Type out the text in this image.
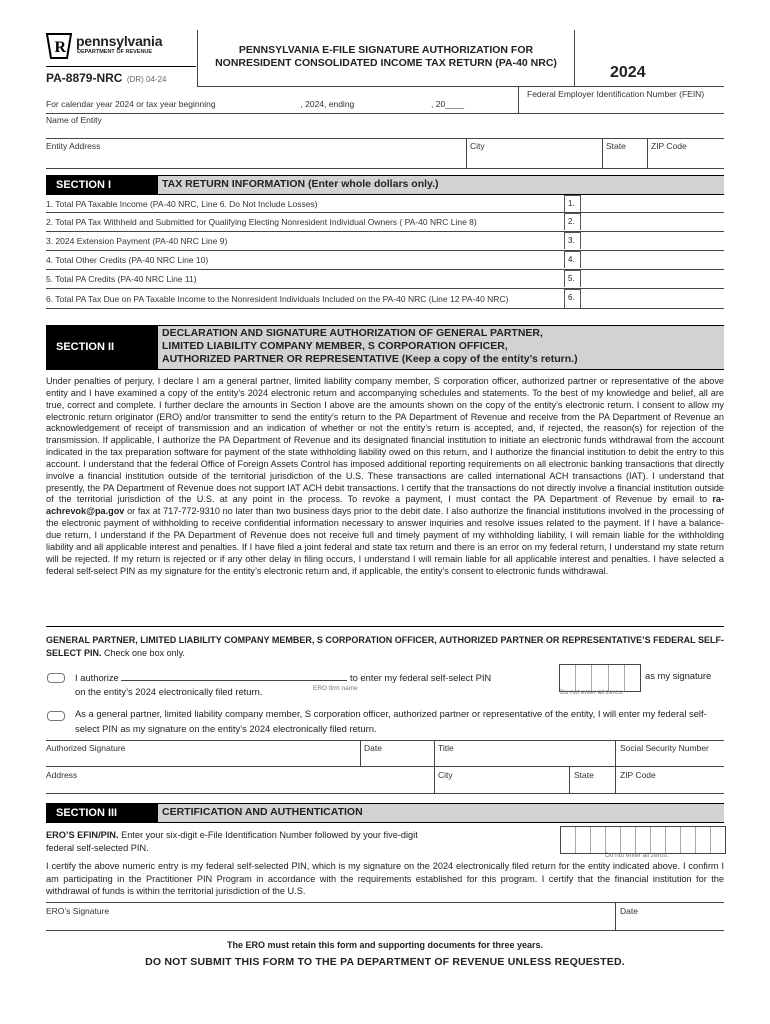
R pennsylvania
DEPARTMENT OF REVENUE
PA-8879-NRC (DR) 04-24
PENNSYLVANIA E-FILE SIGNATURE AUTHORIZATION FOR
NONRESIDENT CONSOLIDATED INCOME TAX RETURN (PA-40 NRC)
2024
Federal Employer Identification Number (FEIN)
For calendar year 2024 or tax year beginning	, 2024, ending	, 20____
Name of Entity
Entity Address	City	State	ZIP Code
SECTION I	TAX RETURN INFORMATION (Enter whole dollars only.)
1. Total PA Taxable Income (PA-40 NRC, Line 6. Do Not Include Losses)	1.
2. Total PA Tax Withheld and Submitted for Qualifying Electing Nonresident Individual Owners ( PA-40 NRC Line 8)	2.
3. 2024 Extension Payment (PA-40 NRC Line 9)	3.
4. Total Other Credits (PA-40 NRC Line 10)	4.
5. Total PA Credits (PA-40 NRC Line 11)	5.
6. Total PA Tax Due on PA Taxable Income to the Nonresident Individuals Included on the PA-40 NRC (Line 12 PA-40 NRC)	6.
SECTION II
DECLARATION AND SIGNATURE AUTHORIZATION OF GENERAL PARTNER,
LIMITED LIABILITY COMPANY MEMBER, S CORPORATION OFFICER,
AUTHORIZED PARTNER OR REPRESENTATIVE (Keep a copy of the entity’s return.)
Under penalties of perjury, I declare I am a general partner, limited liability company member, S corporation officer, authorized partner or representative of the above entity and I have examined a copy of the entity’s 2024 electronic return and accompanying schedules and statements. To the best of my knowledge and belief, all are true, correct and complete. I further declare the amounts in Section I above are the amounts shown on the copy of the entity’s electronic return. I consent to allow my electronic return originator (ERO) and/or transmitter to send the entity’s return to the PA Department of Revenue and receive from the PA Department of Revenue an acknowledgement of receipt of transmission and an indication of whether or not the entity’s return is accepted, and, if rejected, the reason(s) for rejection of the transmission. If applicable, I authorize the PA Department of Revenue and its designated financial institution to initiate an electronic funds withdrawal from the account indicated in the tax preparation software for payment of the state withholding liability owed on this return, and I authorize the financial institution to debit the entry to this account. I understand that the federal Office of Foreign Assets Control has imposed additional reporting requirements on all electronic banking transactions that directly involve a financial institution outside of the territorial jurisdiction of the U.S. These transactions are called international ACH transactions (IAT). I understand that presently, the PA Department of Revenue does not support IAT ACH debit transactions. I certify that the transactions do not directly involve a financial institution outside of the territorial jurisdiction of the U.S. at any point in the process. To revoke a payment, I must contact the PA Department of Revenue by email to ra-achrevok@pa.gov or fax at 717-772-9310 no later than two business days prior to the debit date. I also authorize the financial institutions involved in the processing of the electronic payment of withholding to receive confidential information necessary to answer inquiries and resolve issues related to the payment. If I have a balance-due return, I understand if the PA Department of Revenue does not receive full and timely payment of my withholding liability, I will remain liable for the withholding liability and all applicable interest and penalties. If I have filed a joint federal and state tax return and there is an error on my federal return, I understand my state return will be rejected. If my return is rejected or if any other delay in filing occurs, I understand I will remain liable for all applicable interest and penalties. I have selected a federal self-select PIN as my signature for the entity’s electronic return and, if applicable, the entity’s consent to electronic funds withdrawal.
GENERAL PARTNER, LIMITED LIABILITY COMPANY MEMBER, S CORPORATION OFFICER, AUTHORIZED PARTNER OR REPRESENTATIVE’S FEDERAL SELF-SELECT PIN. Check one box only.
I authorize	to enter my federal self-select PIN
on the entity’s 2024 electronically filed return.	ERO firm name
as my signature
Do not enter all zeros.
As a general partner, limited liability company member, S corporation officer, authorized partner or representative of the entity, I will enter my federal self-select PIN as my signature on the entity’s 2024 electronically filed return.
Authorized Signature	Date	Title	Social Security Number
Address	City	State	ZIP Code
SECTION III	CERTIFICATION AND AUTHENTICATION
ERO’S EFIN/PIN. Enter your six-digit e-File Identification Number followed by your five-digit
federal self-selected PIN.
Do not enter all zeros.
I certify the above numeric entry is my federal self-selected PIN, which is my signature on the 2024 electronically filed return for the entity indicated above. I confirm I am participating in the Practitioner PIN Program in accordance with the requirements established for this program. I certify that the financial institution for the withdrawal of funds is within the territorial jurisdiction of the U.S.
ERO’s Signature	Date
The ERO must retain this form and supporting documents for three years.
DO NOT SUBMIT THIS FORM TO THE PA DEPARTMENT OF REVENUE UNLESS REQUESTED.
